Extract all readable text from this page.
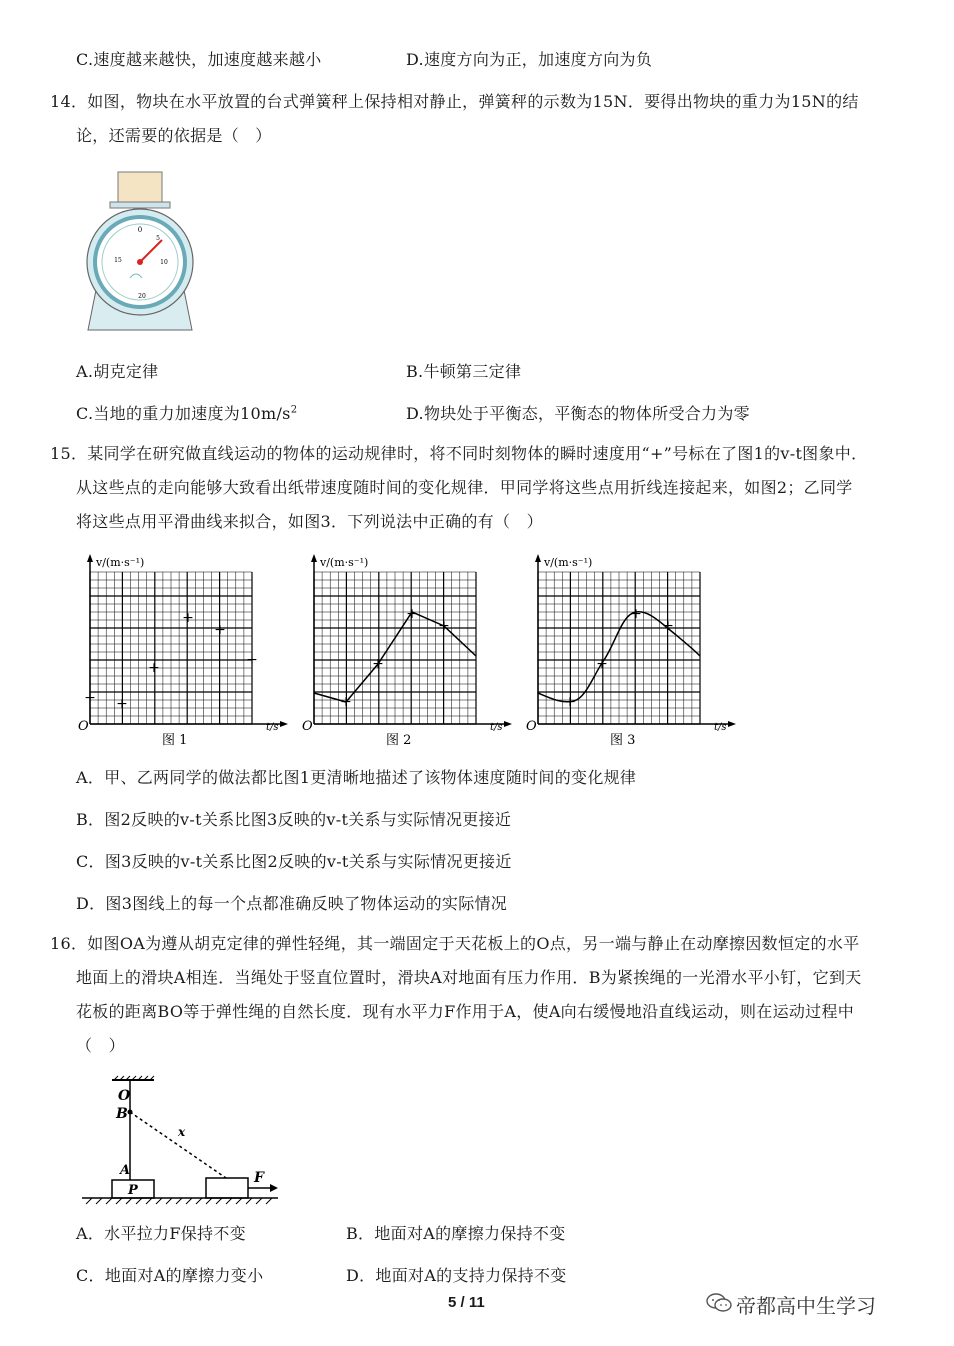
C.速度越来越快，加速度越来越小	D.速度方向为正，加速度方向为负
14．如图，物块在水平放置的台式弹簧秤上保持相对静止，弹簧秤的示数为15N．要得出物块的重力为15N的结
论，还需要的依据是（　）
0
5
10
15
20
A.胡克定律	B.牛顿第三定律
C.当地的重力加速度为$10m/s^2$	D.物块处于平衡态，平衡态的物体所受合力为零
15．某同学在研究做直线运动的物体的运动规律时，将不同时刻物体的瞬时速度用“+”号标在了图1的v-t图象中．
从这些点的走向能够大致看出纸带速度随时间的变化规律．甲同学将这些点用折线连接起来，如图2；乙同学
将这些点用平滑曲线来拟合，如图3．下列说法中正确的有（　）
v/(m·s⁻¹)
t/s
O
图 1
+ +
+
+
+
+
v/(m·s⁻¹)
t/s
O
图 2
+
+
+
+
v/(m·s⁻¹)
t/s
O
图 3
+
+
+
+
A．甲、乙两同学的做法都比图1更清晰地描述了该物体速度随时间的变化规律
B．图2反映的v-t关系比图3反映的v-t关系与实际情况更接近
C．图3反映的v-t关系比图2反映的v-t关系与实际情况更接近
D．图3图线上的每一个点都准确反映了物体运动的实际情况
16．如图OA为遵从胡克定律的弹性轻绳，其一端固定于天花板上的O点，另一端与静止在动摩擦因数恒定的水平
地面上的滑块A相连．当绳处于竖直位置时，滑块A对地面有压力作用．B为紧挨绳的一光滑水平小钉，它到天
花板的距离BO等于弹性绳的自然长度．现有水平力F作用于A，使A向右缓慢地沿直线运动，则在运动过程中
（　）
O
B
A
x
P
F
A．水平拉力F保持不变	B．地面对A的摩擦力保持不变
C．地面对A的摩擦力变小	D．地面对A的支持力保持不变
5 / 11	帝都高中生学习
